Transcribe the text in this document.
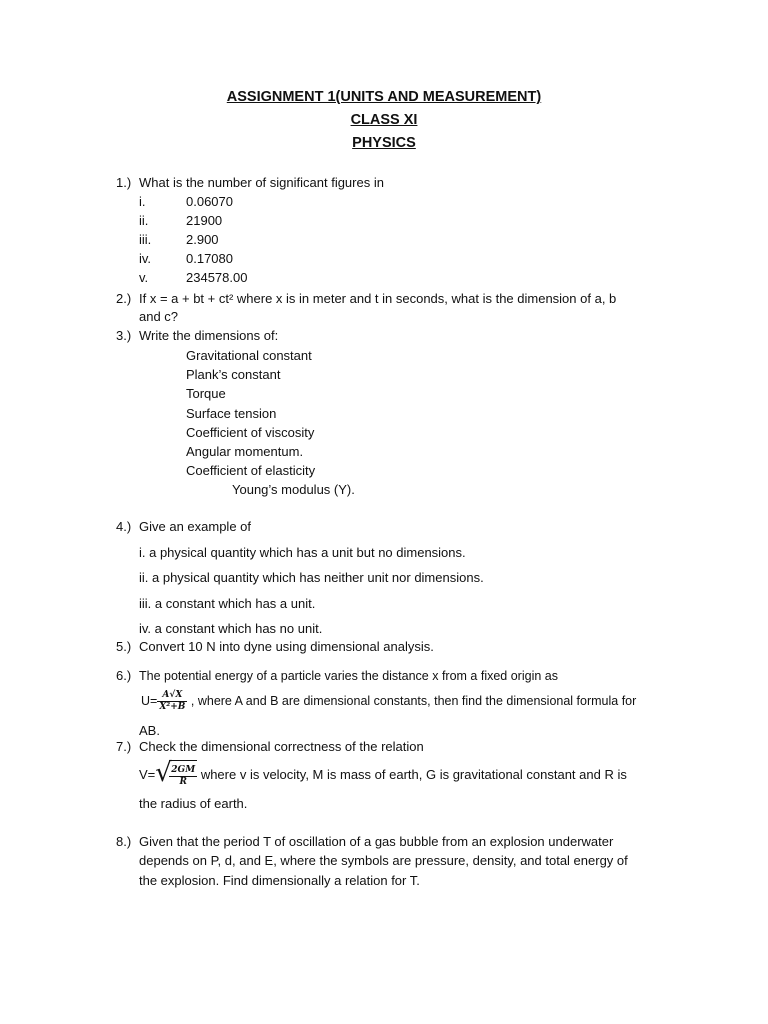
ASSIGNMENT 1(UNITS AND MEASUREMENT)
CLASS XI
PHYSICS
1.) What is the number of significant figures in
i.	0.06070
ii.	21900
iii.	2.900
iv.	0.17080
v.	234578.00
2.) If x = a + bt + ct² where x is in meter and t in seconds, what is the dimension of a, b
and c?
3.) Write the dimensions of:
Gravitational constant
Plank’s constant
Torque
Surface tension
Coefficient of viscosity
Angular momentum.
Coefficient of elasticity
Young’s modulus (Y).
4.) Give an example of
i. a physical quantity which has a unit but no dimensions.
ii. a physical quantity which has neither unit nor dimensions.
iii. a constant which has a unit.
iv. a constant which has no unit.
5.) Convert 10 N into dyne using dimensional analysis.
6.) The potential energy of a particle varies the distance x from a fixed origin as
$U= \frac{A√X}{\text{X²+B}}$ , where A and B are dimensional constants, then find the dimensional formula for
AB.
7.) Check the dimensional correctness of the relation
V= √
$\frac{2GM}{R}$ where v is velocity, M is mass of earth, G is gravitational constant and R is
the radius of earth.
8.) Given that the period T of oscillation of a gas bubble from an explosion underwater
depends on P, d, and E, where the symbols are pressure, density, and total energy of
the explosion. Find dimensionally a relation for T.
